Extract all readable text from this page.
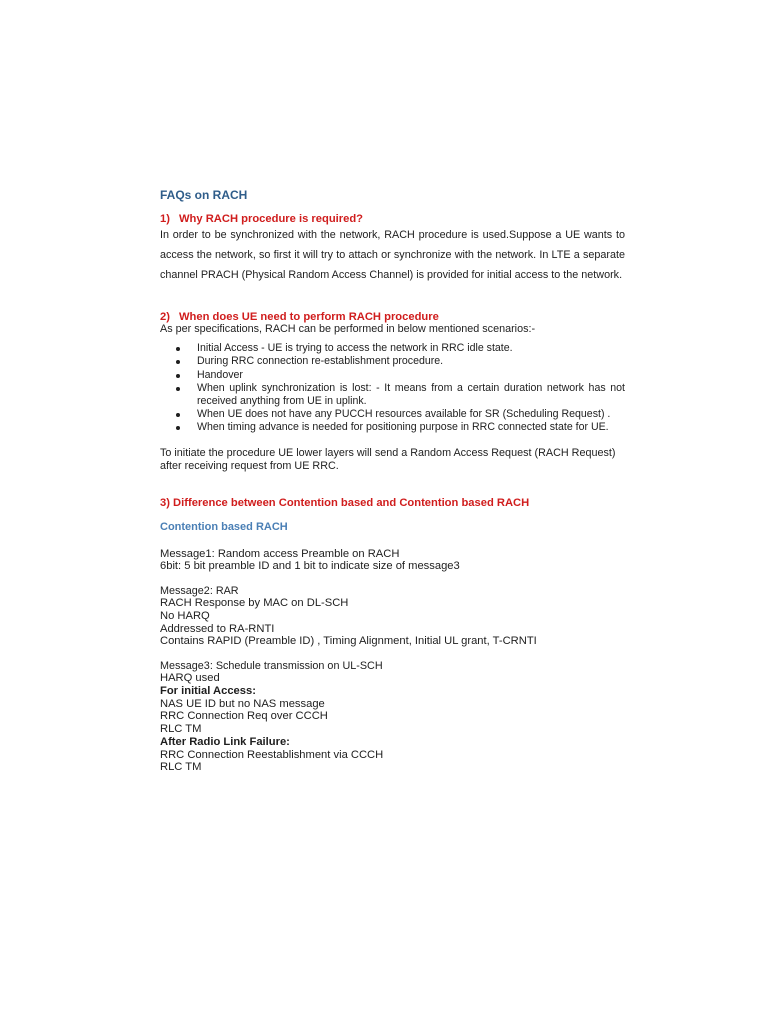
FAQs on RACH
1) Why RACH procedure is required?

In order to be synchronized with the network, RACH procedure is used.Suppose a UE wants to access the network, so first it will try to attach or synchronize with the network. In LTE a separate channel PRACH (Physical Random Access Channel) is provided for initial access to the network.

2) When does UE need to perform RACH procedure

As per specifications, RACH can be performed in below mentioned scenarios:-

Initial Access - UE is trying to access the network in RRC idle state.
During RRC connection re-establishment procedure.
Handover
When uplink synchronization is lost: - It means from a certain duration network has not received anything from UE in uplink.
When UE does not have any PUCCH resources available for SR (Scheduling Request) .
When timing advance is needed for positioning purpose in RRC connected state for UE.

To initiate the procedure UE lower layers will send a Random Access Request (RACH Request) after receiving request from UE RRC.

3) Difference between Contention based and Contention based RACH
Contention based RACH
Message1: Random access Preamble on RACH
6bit: 5 bit preamble ID and 1 bit to indicate size of message3
Message2: RAR
RACH Response by MAC on DL-SCH
No HARQ
Addressed to RA-RNTI
Contains RAPID (Preamble ID) , Timing Alignment, Initial UL grant, T-CRNTI
Message3: Schedule transmission on UL-SCH
HARQ used
For initial Access:
NAS UE ID but no NAS message
RRC Connection Req over CCCH
RLC TM
After Radio Link Failure:
RRC Connection Reestablishment via CCCH
RLC TM
